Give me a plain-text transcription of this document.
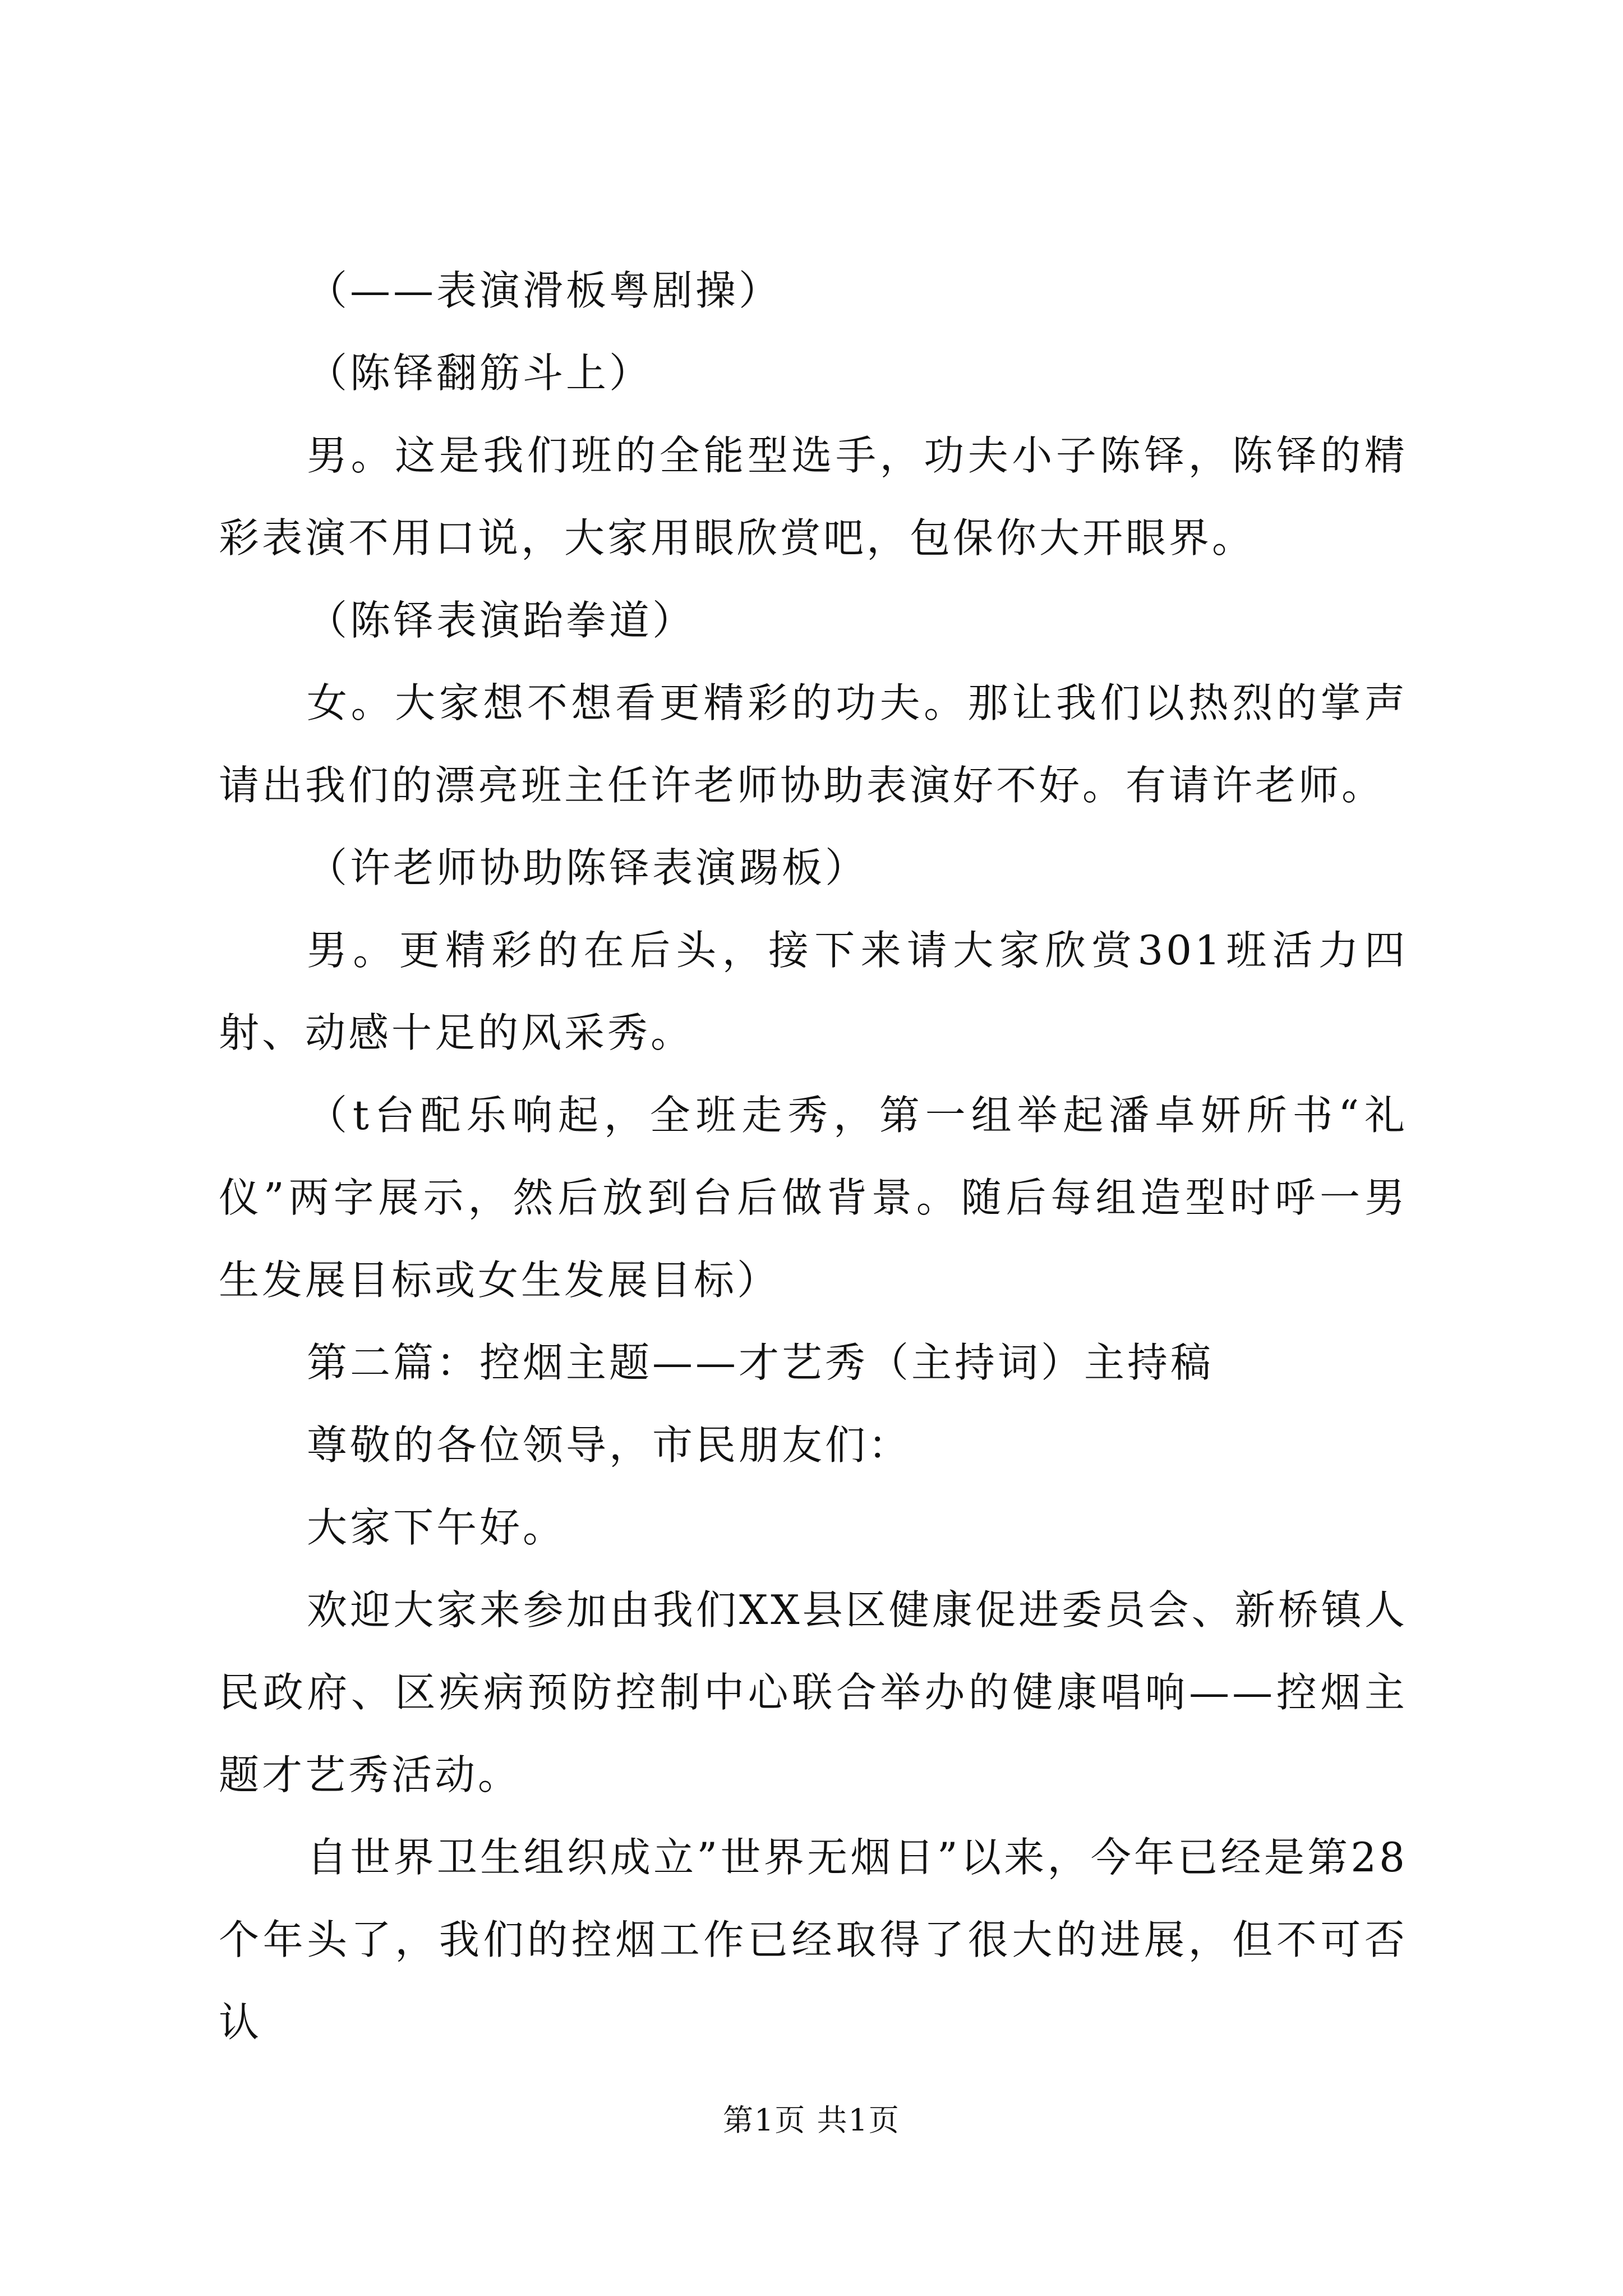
（——表演滑板粤剧操）

（陈铎翻筋斗上）

男。这是我们班的全能型选手，功夫小子陈铎，陈铎的精彩表演不用口说，大家用眼欣赏吧，包保你大开眼界。

（陈铎表演跆拳道）

女。大家想不想看更精彩的功夫。那让我们以热烈的掌声请出我们的漂亮班主任许老师协助表演好不好。有请许老师。

（许老师协助陈铎表演踢板）

男。更精彩的在后头，接下来请大家欣赏301班活力四射、动感十足的风采秀。

（t台配乐响起，全班走秀，第一组举起潘卓妍所书“礼仪”两字展示，然后放到台后做背景。随后每组造型时呼一男生发展目标或女生发展目标）

第二篇：控烟主题——才艺秀（主持词）主持稿

尊敬的各位领导，市民朋友们：

大家下午好。

欢迎大家来参加由我们XX县区健康促进委员会、新桥镇人民政府、区疾病预防控制中心联合举办的健康唱响——控烟主题才艺秀活动。

自世界卫生组织成立”世界无烟日”以来，今年已经是第28个年头了，我们的控烟工作已经取得了很大的进展，但不可否认

第1页 共1页
